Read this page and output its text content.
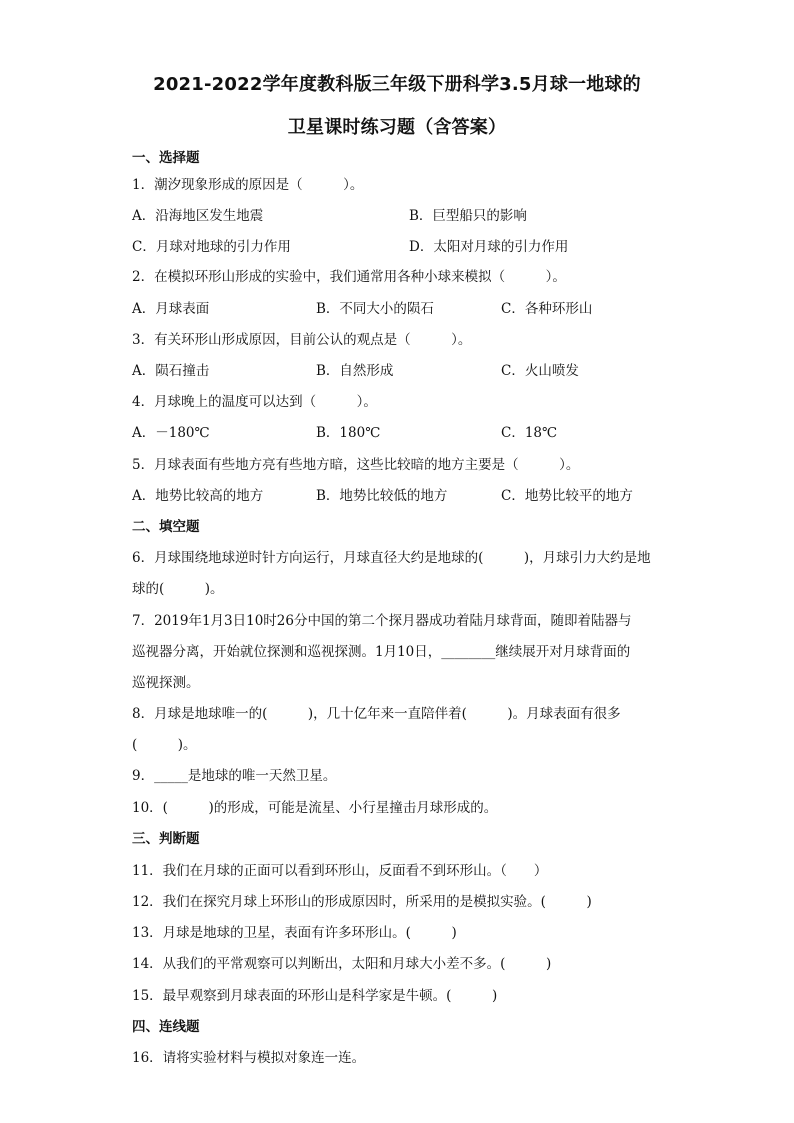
2021-2022学年度教科版三年级下册科学3.5月球一地球的
卫星课时练习题（含答案）
一、选择题
1．潮汐现象形成的原因是（　　　）。
A．沿海地区发生地震	B．巨型船只的影响
C．月球对地球的引力作用	D．太阳对月球的引力作用
2．在模拟环形山形成的实验中，我们通常用各种小球来模拟（　　　）。
A．月球表面	B．不同大小的陨石	C．各种环形山
3．有关环形山形成原因，目前公认的观点是（　　　）。
A．陨石撞击	B．自然形成	C．火山喷发
4．月球晚上的温度可以达到（　　　）。
A．－180℃	B．180℃	C．18℃
5．月球表面有些地方亮有些地方暗，这些比较暗的地方主要是（　　　）。
A．地势比较高的地方	B．地势比较低的地方	C．地势比较平的地方
二、填空题
6．月球围绕地球逆时针方向运行，月球直径大约是地球的(　　　)，月球引力大约是地
球的(　　　)。
7．2019年1月3日10时26分中国的第二个探月器成功着陆月球背面，随即着陆器与
巡视器分离，开始就位探测和巡视探测。1月10日，________继续展开对月球背面的
巡视探测。
8．月球是地球唯一的(　　　)，几十亿年来一直陪伴着(　　　)。月球表面有很多
(　　　)。
9．_____是地球的唯一天然卫星。
10．(　　　)的形成，可能是流星、小行星撞击月球形成的。
三、判断题
11．我们在月球的正面可以看到环形山，反面看不到环形山。（　　）
12．我们在探究月球上环形山的形成原因时，所采用的是模拟实验。(　　　)
13．月球是地球的卫星，表面有许多环形山。(　　　)
14．从我们的平常观察可以判断出，太阳和月球大小差不多。(　　　)
15．最早观察到月球表面的环形山是科学家是牛顿。(　　　)
四、连线题
16．请将实验材料与模拟对象连一连。
